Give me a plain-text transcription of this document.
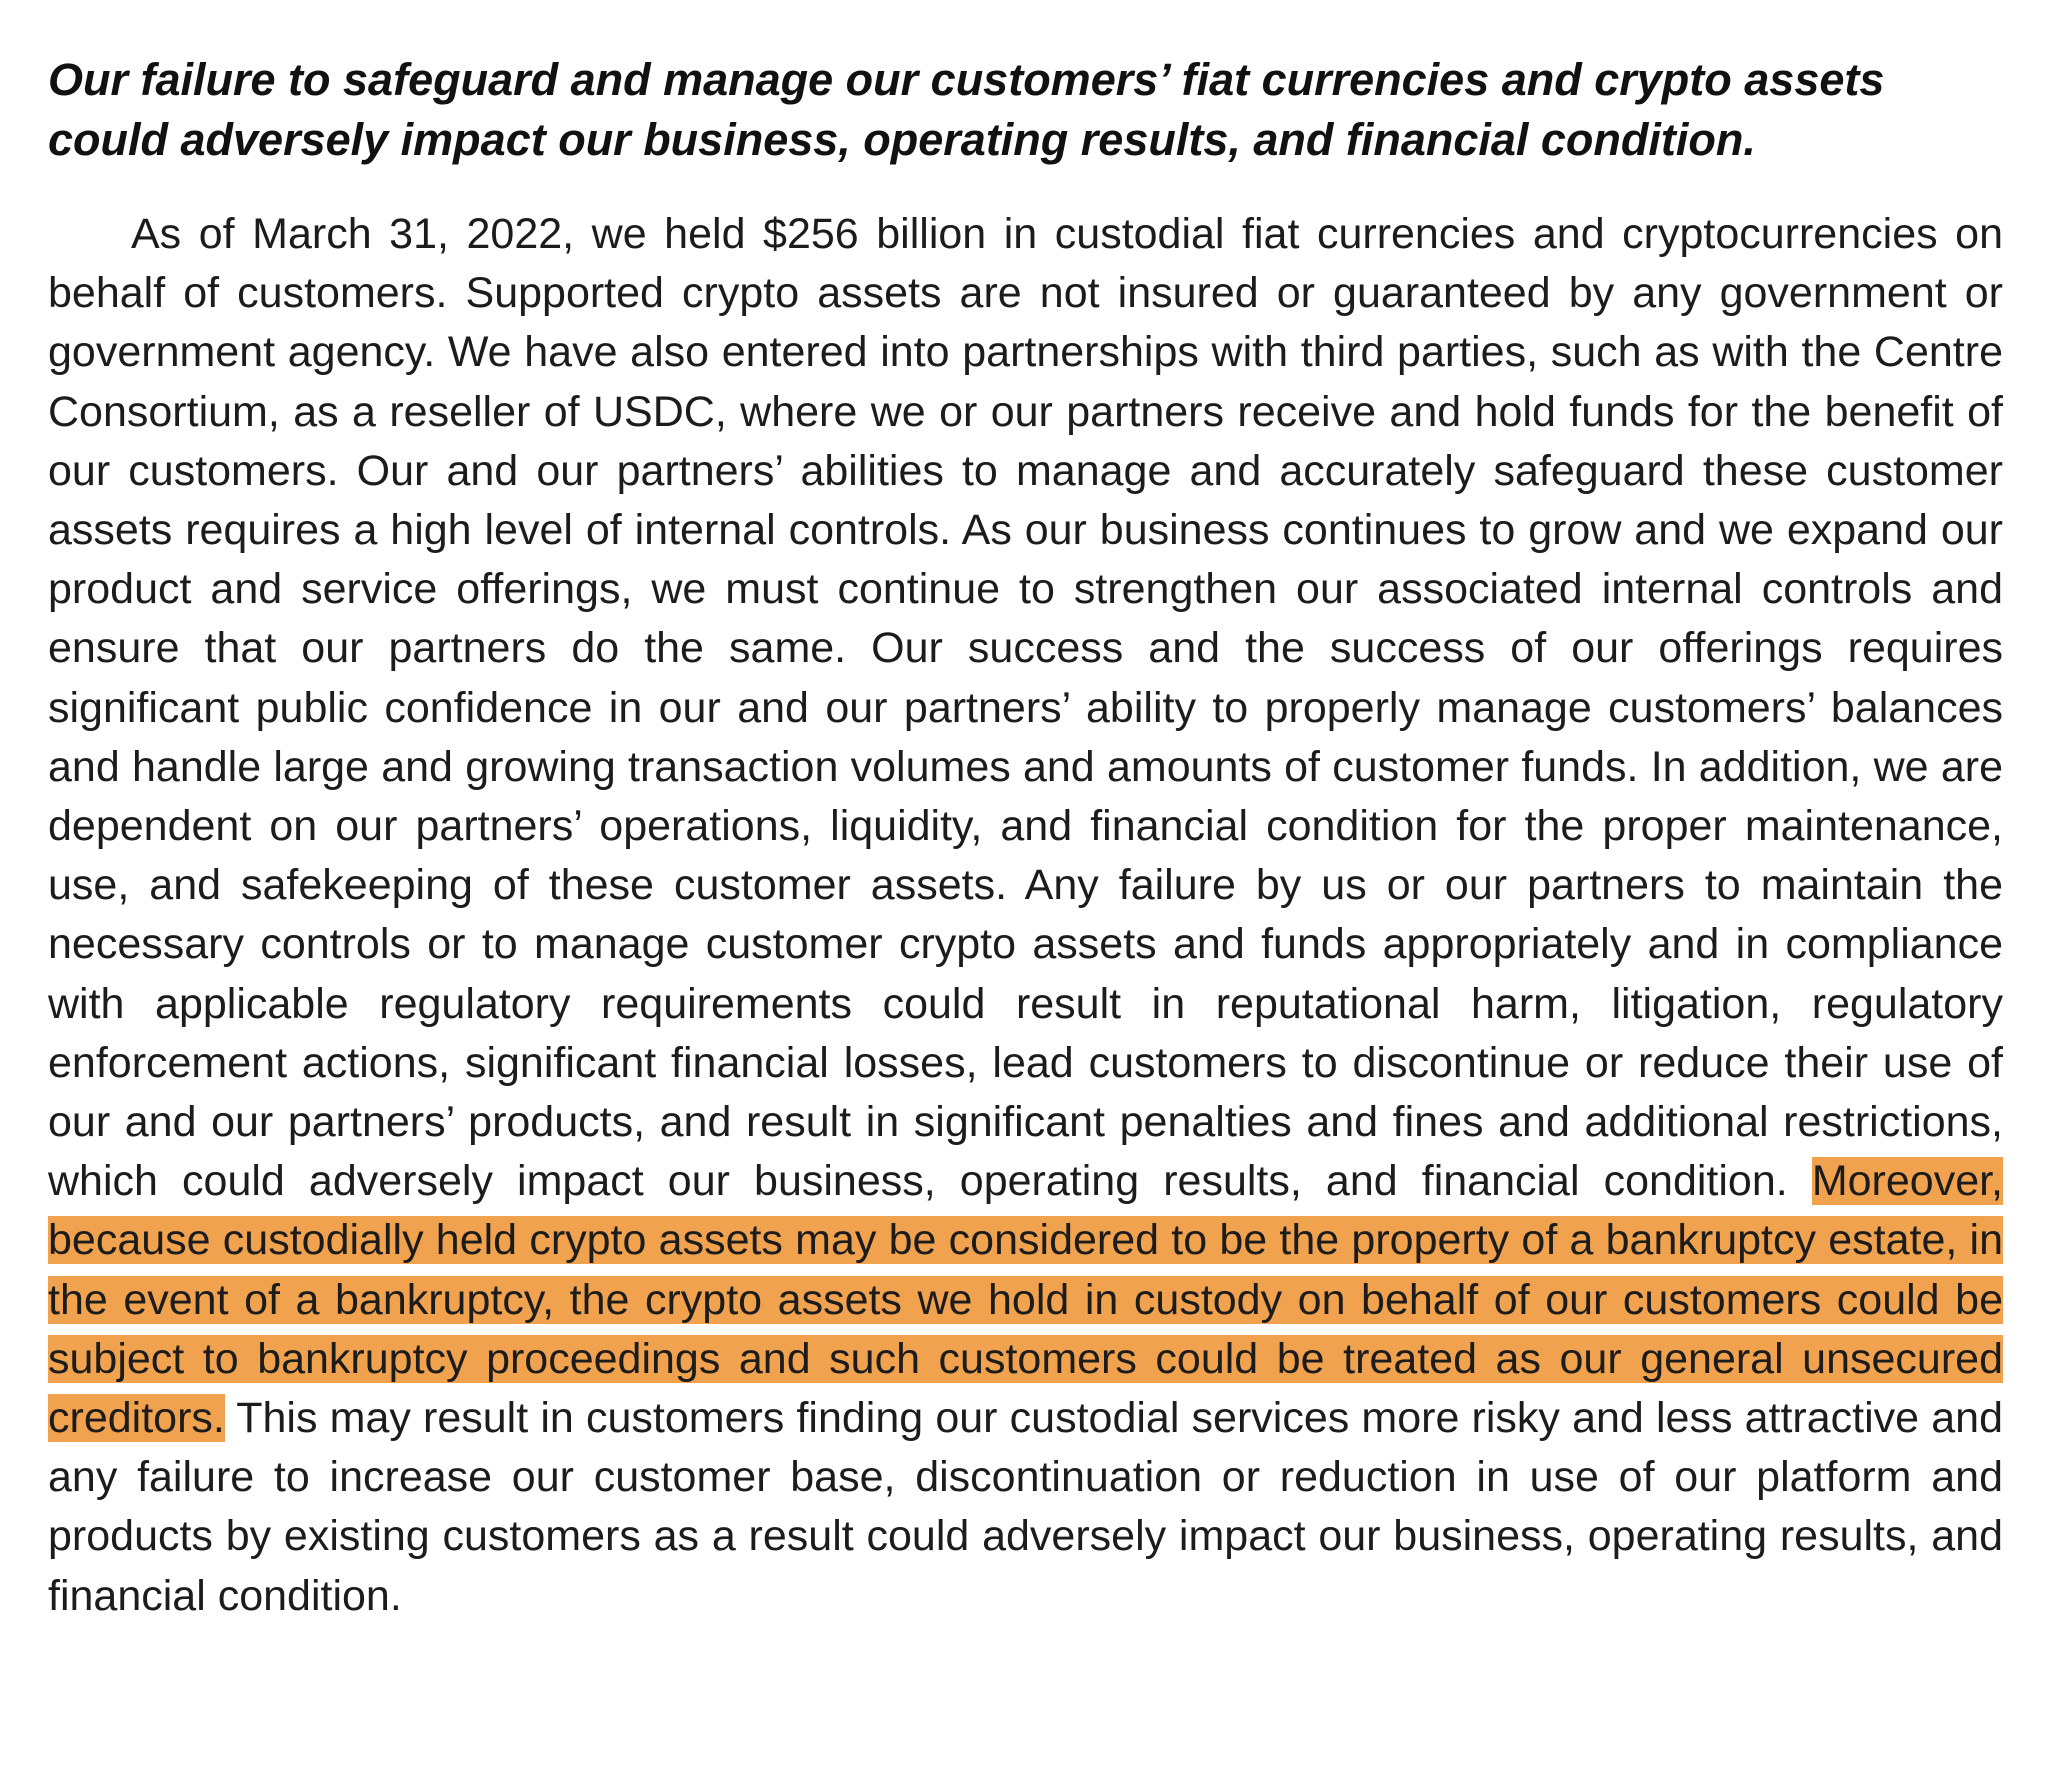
Our failure to safeguard and manage our customers’ fiat currencies and crypto assets
could adversely impact our business, operating results, and financial condition.

As of March 31, 2022, we held $256 billion in custodial fiat currencies and cryptocurrencies on behalf of customers. Supported crypto assets are not insured or guaranteed by any government or government agency. We have also entered into partnerships with third parties, such as with the Centre Consortium, as a reseller of USDC, where we or our partners receive and hold funds for the benefit of our customers. Our and our partners’ abilities to manage and accurately safeguard these customer assets requires a high level of internal controls. As our business continues to grow and we expand our product and service offerings, we must continue to strengthen our associated internal controls and ensure that our partners do the same. Our success and the success of our offerings requires significant public confidence in our and our partners’ ability to properly manage customers’ balances and handle large and growing transaction volumes and amounts of customer funds. In addition, we are dependent on our partners’ operations, liquidity, and financial condition for the proper maintenance, use, and safekeeping of these customer assets. Any failure by us or our partners to maintain the necessary controls or to manage customer crypto assets and funds appropriately and in compliance with applicable regulatory requirements could result in reputational harm, litigation, regulatory enforcement actions, significant financial losses, lead customers to discontinue or reduce their use of our and our partners’ products, and result in significant penalties and fines and additional restrictions, which could adversely impact our business, operating results, and financial condition. Moreover, because custodially held crypto assets may be considered to be the property of a bankruptcy estate, in the event of a bankruptcy, the crypto assets we hold in custody on behalf of our customers could be subject to bankruptcy proceedings and such customers could be treated as our general unsecured creditors. This may result in customers finding our custodial services more risky and less attractive and any failure to increase our customer base, discontinuation or reduction in use of our platform and products by existing customers as a result could adversely impact our business, operating results, and financial condition.
